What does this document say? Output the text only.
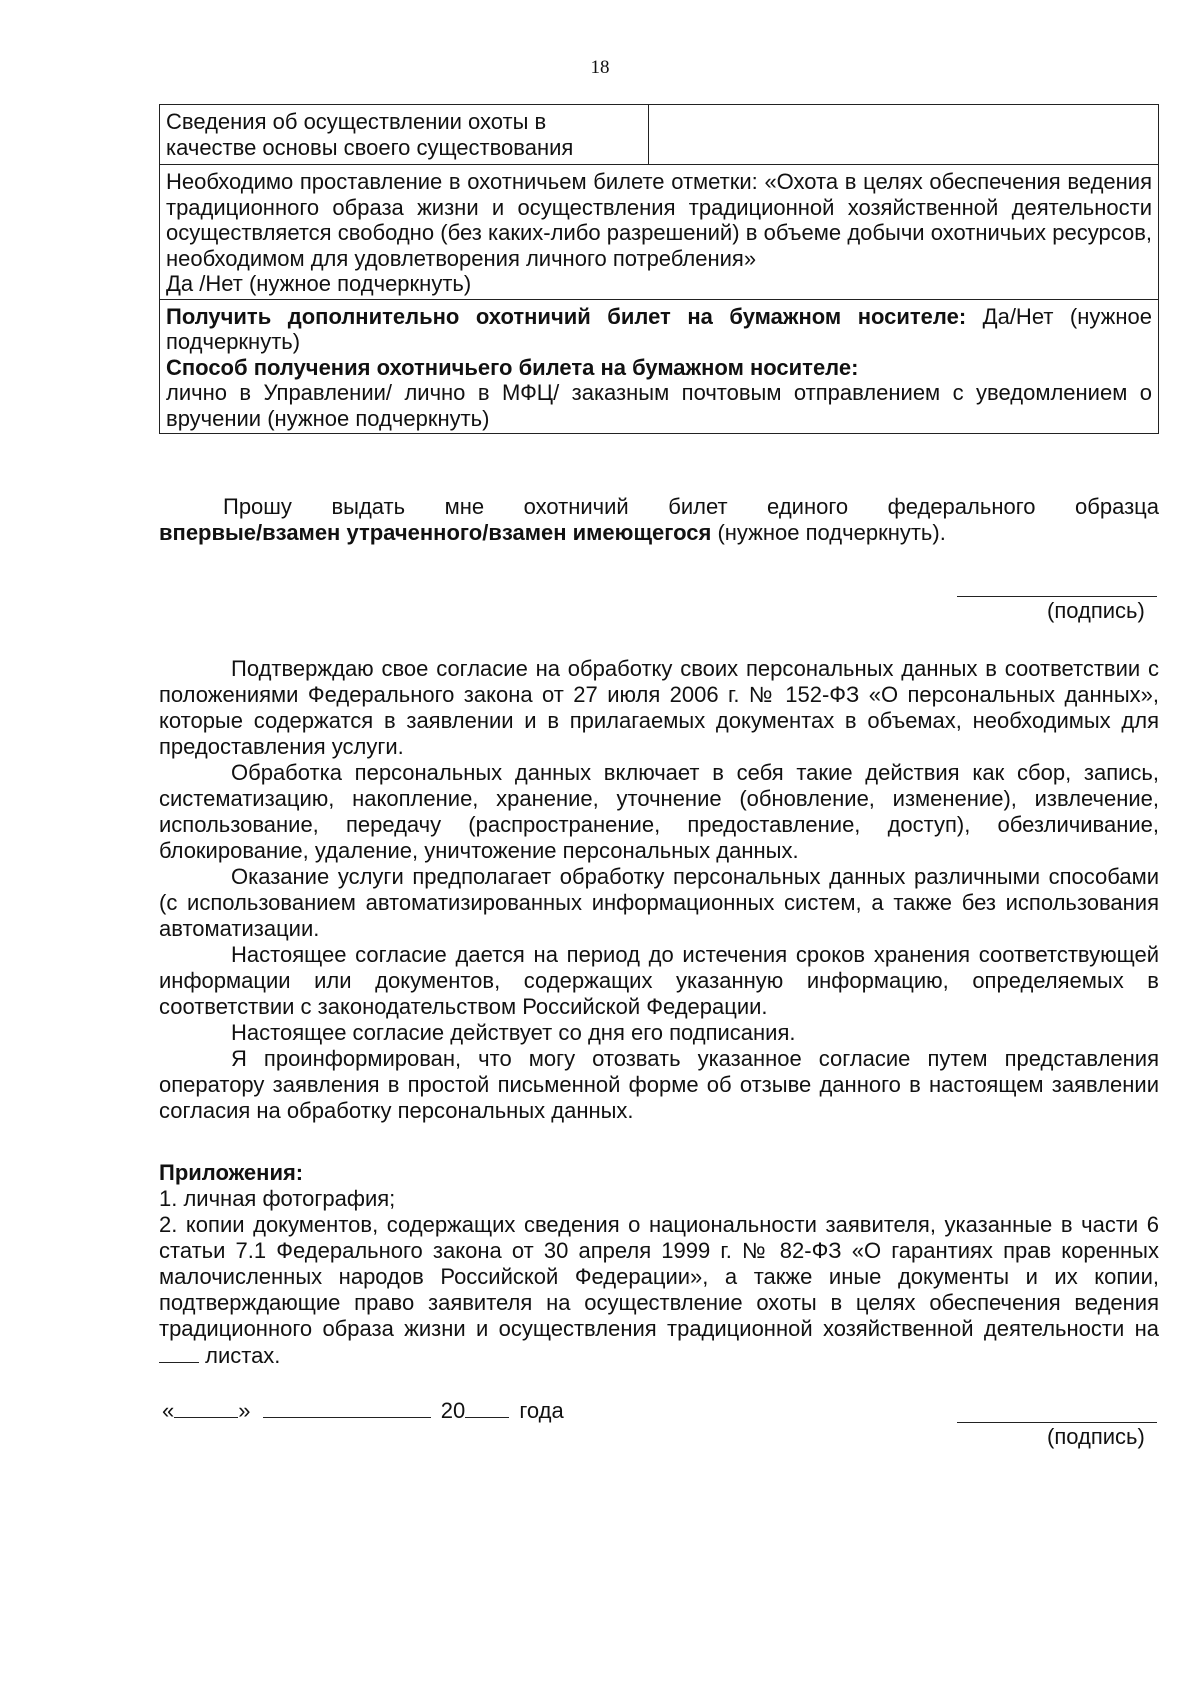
18
Сведения об осуществлении охоты в качестве основы своего существования

Необходимо проставление в охотничьем билете отметки: «Охота в целях обеспечения ведения традиционного образа жизни и осуществления традиционной хозяйственной деятельности осуществляется свободно (без каких-либо разрешений) в объеме добычи охотничьих ресурсов, необходимом для удовлетворения личного потребления»

Да /Нет (нужное подчеркнуть)

Получить дополнительно охотничий билет на бумажном носителе: Да/Нет (нужное подчеркнуть)

Способ получения охотничьего билета на бумажном носителе:

лично в Управлении/ лично в МФЦ/ заказным почтовым отправлением с уведомлением о вручении (нужное подчеркнуть)

Прошу выдать мне охотничий билет единого федерального образца

впервые/взамен утраченного/взамен имеющегося (нужное подчеркнуть).

(подпись)

Подтверждаю свое согласие на обработку своих персональных данных в соответствии с положениями Федерального закона от 27 июля 2006 г. № 152-ФЗ «О персональных данных», которые содержатся в заявлении и в прилагаемых документах в объемах, необходимых для предоставления услуги.

Обработка персональных данных включает в себя такие действия как сбор, запись, систематизацию, накопление, хранение, уточнение (обновление, изменение), извлечение, использование, передачу (распространение, предоставление, доступ), обезличивание, блокирование, удаление, уничтожение персональных данных.

Оказание услуги предполагает обработку персональных данных различными способами (с использованием автоматизированных информационных систем, а также без использования автоматизации.

Настоящее согласие дается на период до истечения сроков хранения соответствующей информации или документов, содержащих указанную информацию, определяемых в соответствии с законодательством Российской Федерации.

Настоящее согласие действует со дня его подписания.

Я проинформирован, что могу отозвать указанное согласие путем представления оператору заявления в простой письменной форме об отзыве данного в настоящем заявлении согласия на обработку персональных данных.

Приложения:

1. личная фотография;

2. копии документов, содержащих сведения о национальности заявителя, указанные в части 6 статьи 7.1 Федерального закона от 30 апреля 1999 г. № 82-ФЗ «О гарантиях прав коренных малочисленных народов Российской Федерации», а также иные документы и их копии, подтверждающие право заявителя на осуществление охоты в целях обеспечения ведения традиционного образа жизни и осуществления традиционной хозяйственной деятельности на  листах.

«	»	20 года
(подпись)
